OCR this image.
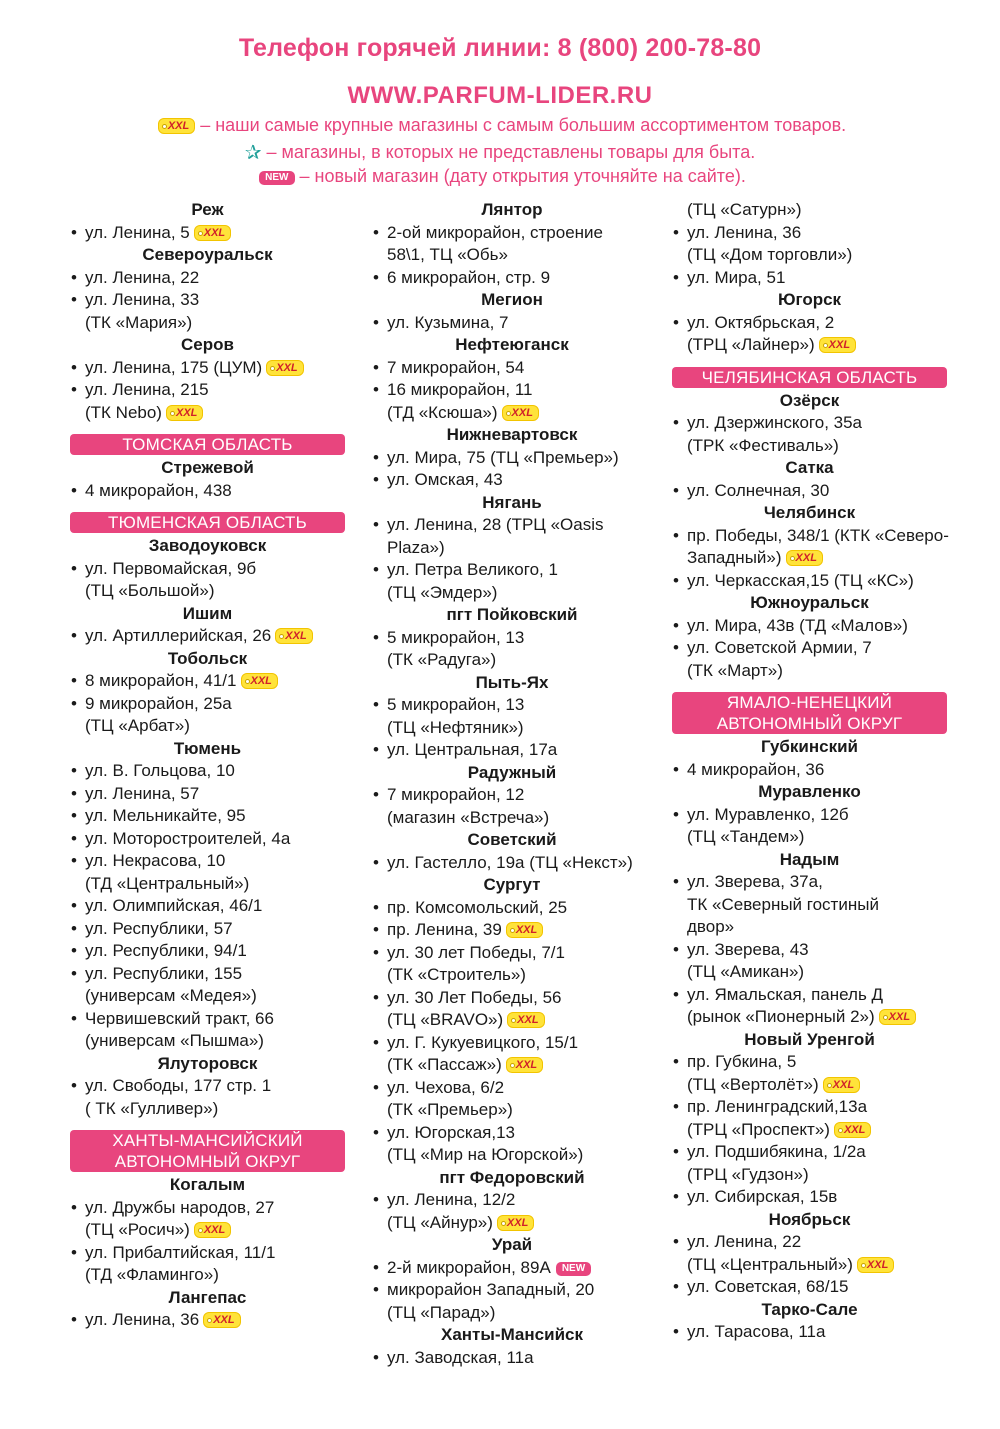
Телефон горячей линии: 8 (800) 200-78-80
WWW.PARFUM-LIDER.RU
XXL – наши самые крупные магазины с самым большим ассортиментом товаров.
✰ – магазины, в которых не представлены товары для быта.
NEW – новый магазин (дату открытия уточняйте на сайте).
Реж
• ул. Ленина, 5 XXL
Североуральск
• ул. Ленина, 22
• ул. Ленина, 33
(ТК «Мария»)
Серов
• ул. Ленина, 175 (ЦУМ) XXL
• ул. Ленина, 215
(ТК Nebo) XXL
ТОМСКАЯ ОБЛАСТЬ
Стрежевой
• 4 микрорайон, 438
ТЮМЕНСКАЯ ОБЛАСТЬ
Заводоуковск
• ул. Первомайская, 9б
(ТЦ «Большой»)
Ишим
• ул. Артиллерийская, 26 XXL
Тобольск
• 8 микрорайон, 41/1 XXL
• 9 микрорайон, 25а
(ТЦ «Арбат»)
Тюмень
• ул. В. Гольцова, 10
• ул. Ленина, 57
• ул. Мельникайте, 95
• ул. Моторостроителей, 4а
• ул. Некрасова, 10
(ТД «Центральный»)
• ул. Олимпийская, 46/1
• ул. Республики, 57
• ул. Республики, 94/1
• ул. Республики, 155
(универсам «Медея»)
• Червишевский тракт, 66
(универсам «Пышма»)
Ялуторовск
• ул. Свободы, 177 стр. 1
( ТК «Гулливер»)
ХАНТЫ-МАНСИЙСКИЙ
АВТОНОМНЫЙ ОКРУГ
Когалым
• ул. Дружбы народов, 27
(ТЦ «Росич») XXL
• ул. Прибалтийская, 11/1
(ТД «Фламинго»)
Лангепас
• ул. Ленина, 36 XXL
Лянтор
• 2-ой микрорайон, строение
58\1, ТЦ «Обь»
• 6 микрорайон, стр. 9
Мегион
• ул. Кузьмина, 7
Нефтеюганск
• 7 микрорайон, 54
• 16 микрорайон, 11
(ТД «Ксюша») XXL
Нижневартовск
• ул. Мира, 75 (ТЦ «Премьер»)
• ул. Омская, 43
Нягань
• ул. Ленина, 28 (ТРЦ «Oasis
Plaza»)
• ул. Петра Великого, 1
(ТЦ «Эмдер»)
пгт Пойковский
• 5 микрорайон, 13
(ТК «Радуга»)
Пыть-Ях
• 5 микрорайон, 13
(ТЦ «Нефтяник»)
• ул. Центральная, 17а
Радужный
• 7 микрорайон, 12
(магазин «Встреча»)
Советский
• ул. Гастелло, 19а (ТЦ «Некст»)
Сургут
• пр. Комсомольский, 25
• пр. Ленина, 39 XXL
• ул. 30 лет Победы, 7/1
(ТК «Строитель»)
• ул. 30 Лет Победы, 56
(ТЦ «BRAVO») XXL
• ул. Г. Кукуевицкого, 15/1
(ТК «Пассаж») XXL
• ул. Чехова, 6/2
(ТК «Премьер»)
• ул. Югорская,13
(ТЦ «Мир на Югорской»)
пгт Федоровский
• ул. Ленина, 12/2
(ТЦ «Айнур») XXL
Урай
• 2-й микрорайон, 89А NEW
• микрорайон Западный, 20
(ТЦ «Парад»)
Ханты-Мансийск
• ул. Заводская, 11а
(ТЦ «Сатурн»)
• ул. Ленина, 36
(ТЦ «Дом торговли»)
• ул. Мира, 51
Югорск
• ул. Октябрьская, 2
(ТРЦ «Лайнер») XXL
ЧЕЛЯБИНСКАЯ ОБЛАСТЬ
Озёрск
• ул. Дзержинского, 35а
(ТРК «Фестиваль»)
Сатка
• ул. Солнечная, 30
Челябинск
• пр. Победы, 348/1 (КТК «Северо-
Западный») XXL
• ул. Черкасская,15 (ТЦ «КС»)
Южноуральск
• ул. Мира, 43в (ТД «Малов»)
• ул. Советской Армии, 7
(ТК «Март»)
ЯМАЛО-НЕНЕЦКИЙ
АВТОНОМНЫЙ ОКРУГ
Губкинский
• 4 микрорайон, 36
Муравленко
• ул. Муравленко, 12б
(ТЦ «Тандем»)
Надым
• ул. Зверева, 37а,
ТК «Северный гостиный
двор»
• ул. Зверева, 43
(ТЦ «Амикан»)
• ул. Ямальская, панель Д
(рынок «Пионерный 2») XXL
Новый Уренгой
• пр. Губкина, 5
(ТЦ «Вертолёт») XXL
• пр. Ленинградский,13а
(ТРЦ «Проспект») XXL
• ул. Подшибякина, 1/2а
(ТРЦ «Гудзон»)
• ул. Сибирская, 15в
Ноябрьск
• ул. Ленина, 22
(ТЦ «Центральный») XXL
• ул. Советская, 68/15
Тарко-Сале
• ул. Тарасова, 11а
